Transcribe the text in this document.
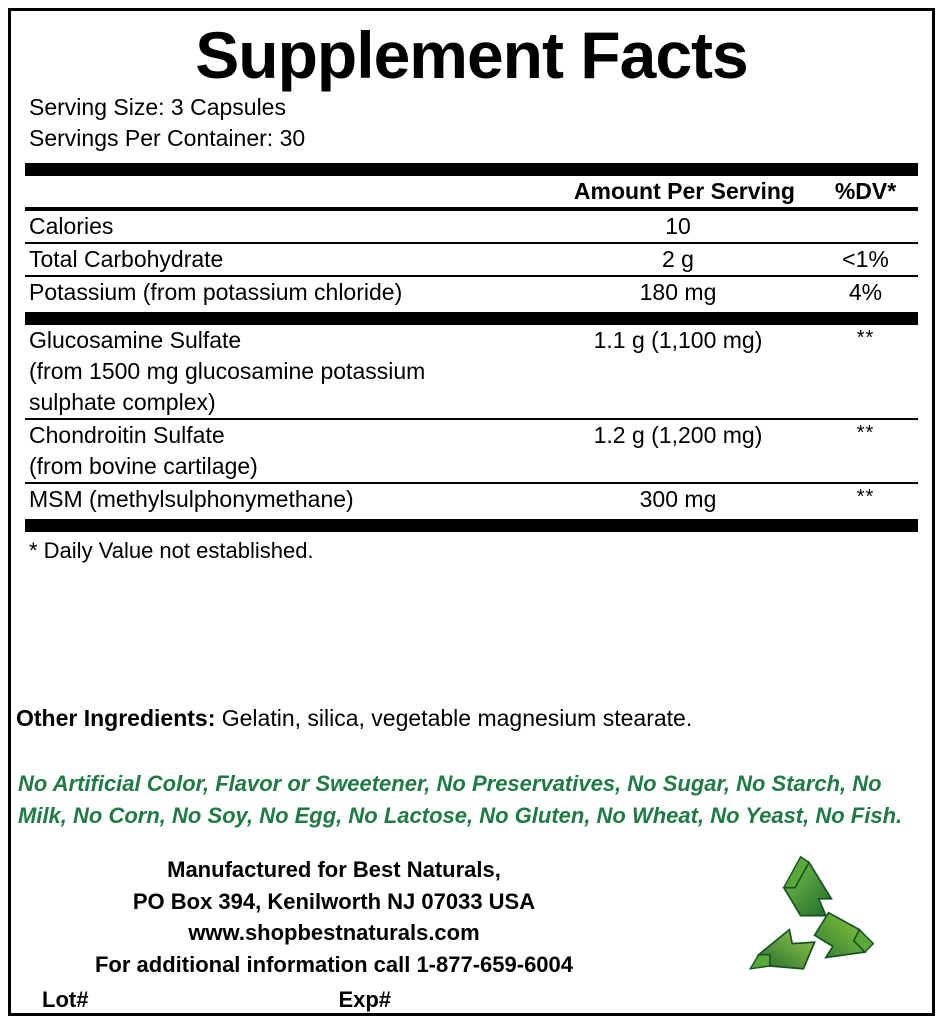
Supplement Facts
Serving Size: 3 Capsules
Servings Per Container: 30
	Amount Per Serving	%DV*
Calories	10	
Total Carbohydrate	2 g	<1%
Potassium (from potassium chloride)	180 mg	4%
Glucosamine Sulfate	1.1 g (1,100 mg)	**
(from 1500 mg glucosamine potassium		
sulphate complex)		
Chondroitin Sulfate	1.2 g (1,200 mg)	**
(from bovine cartilage)		
MSM (methylsulphonymethane)	300 mg	**
* Daily Value not established.
Other Ingredients: Gelatin, silica, vegetable magnesium stearate.
No Artificial Color, Flavor or Sweetener, No Preservatives, No Sugar, No Starch, No
Milk, No Corn, No Soy, No Egg, No Lactose, No Gluten, No Wheat, No Yeast, No Fish.
Manufactured for Best Naturals,
PO Box 394, Kenilworth NJ 07033 USA
www.shopbestnaturals.com
For additional information call 1-877-659-6004
Lot#	Exp#
